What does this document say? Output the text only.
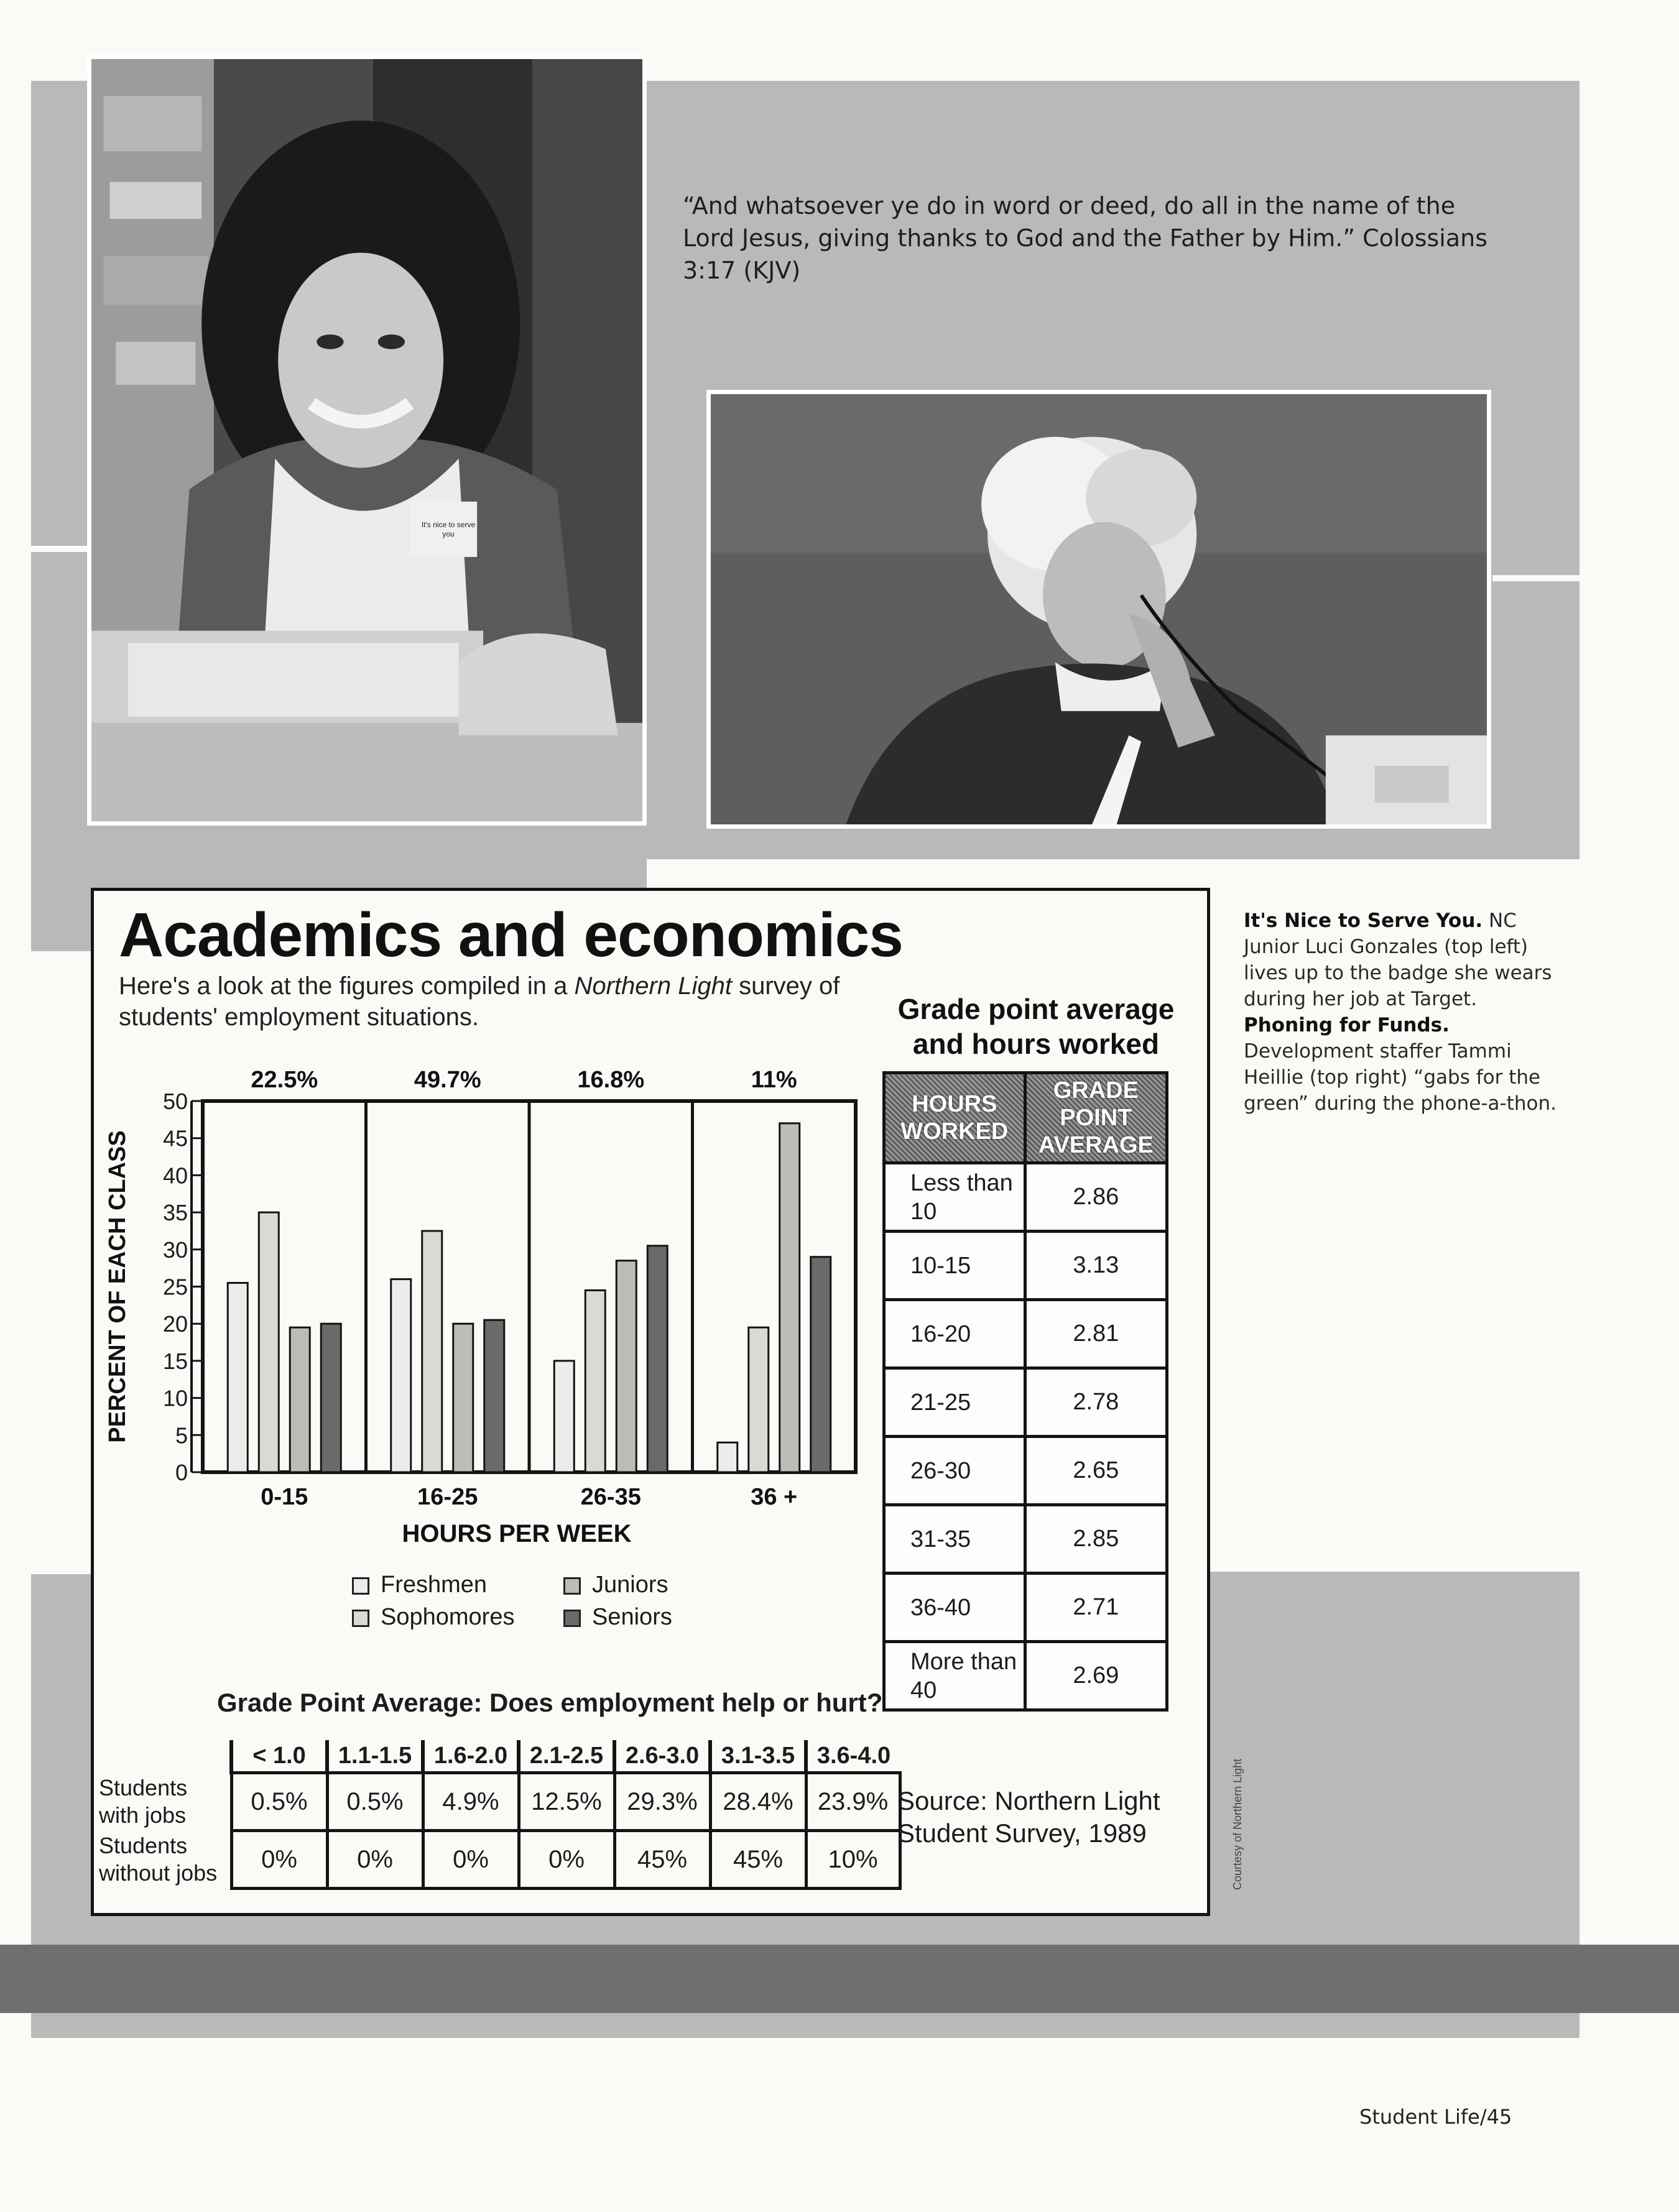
It's nice to serve you
“And whatsoever ye do in word or deed, do all in the name of the Lord Jesus, giving thanks to God and the Father by Him.” Colossians 3:17 (KJV)
It's Nice to Serve You. NC Junior Luci Gonzales (top left) lives up to the badge she wears during her job at Target. Phoning for Funds. Development staffer Tammi Heillie (top right) “gabs for the green” during the phone-a-thon.
Courtesy of Northern Light
Academics and economics
Here's a look at the figures compiled in a Northern Light survey of students' employment situations.
0
5
10
15
20
25
30
35
40
45
50
PERCENT OF EACH CLASS
0-15
22.5%
16-25
49.7%
26-35
16.8%
36 +
11%
HOURS PER WEEK
Freshmen
Sophomores
Juniors
Seniors
Grade point average
and hours worked
HOURS WORKED	GRADE POINT AVERAGE
Less than 10	2.86
10-15	3.13
16-20	2.81
21-25	2.78
26-30	2.65
31-35	2.85
36-40	2.71
More than 40	2.69
Grade Point Average: Does employment help or hurt?
	< 1.0	1.1-1.5	1.6-2.0	2.1-2.5	2.6-3.0	3.1-3.5	3.6-4.0
Students with jobs	0.5%	0.5%	4.9%	12.5%	29.3%	28.4%	23.9%
Students without jobs	0%	0%	0%	0%	45%	45%	10%
Source: Northern Light Student Survey, 1989
Student Life/45
